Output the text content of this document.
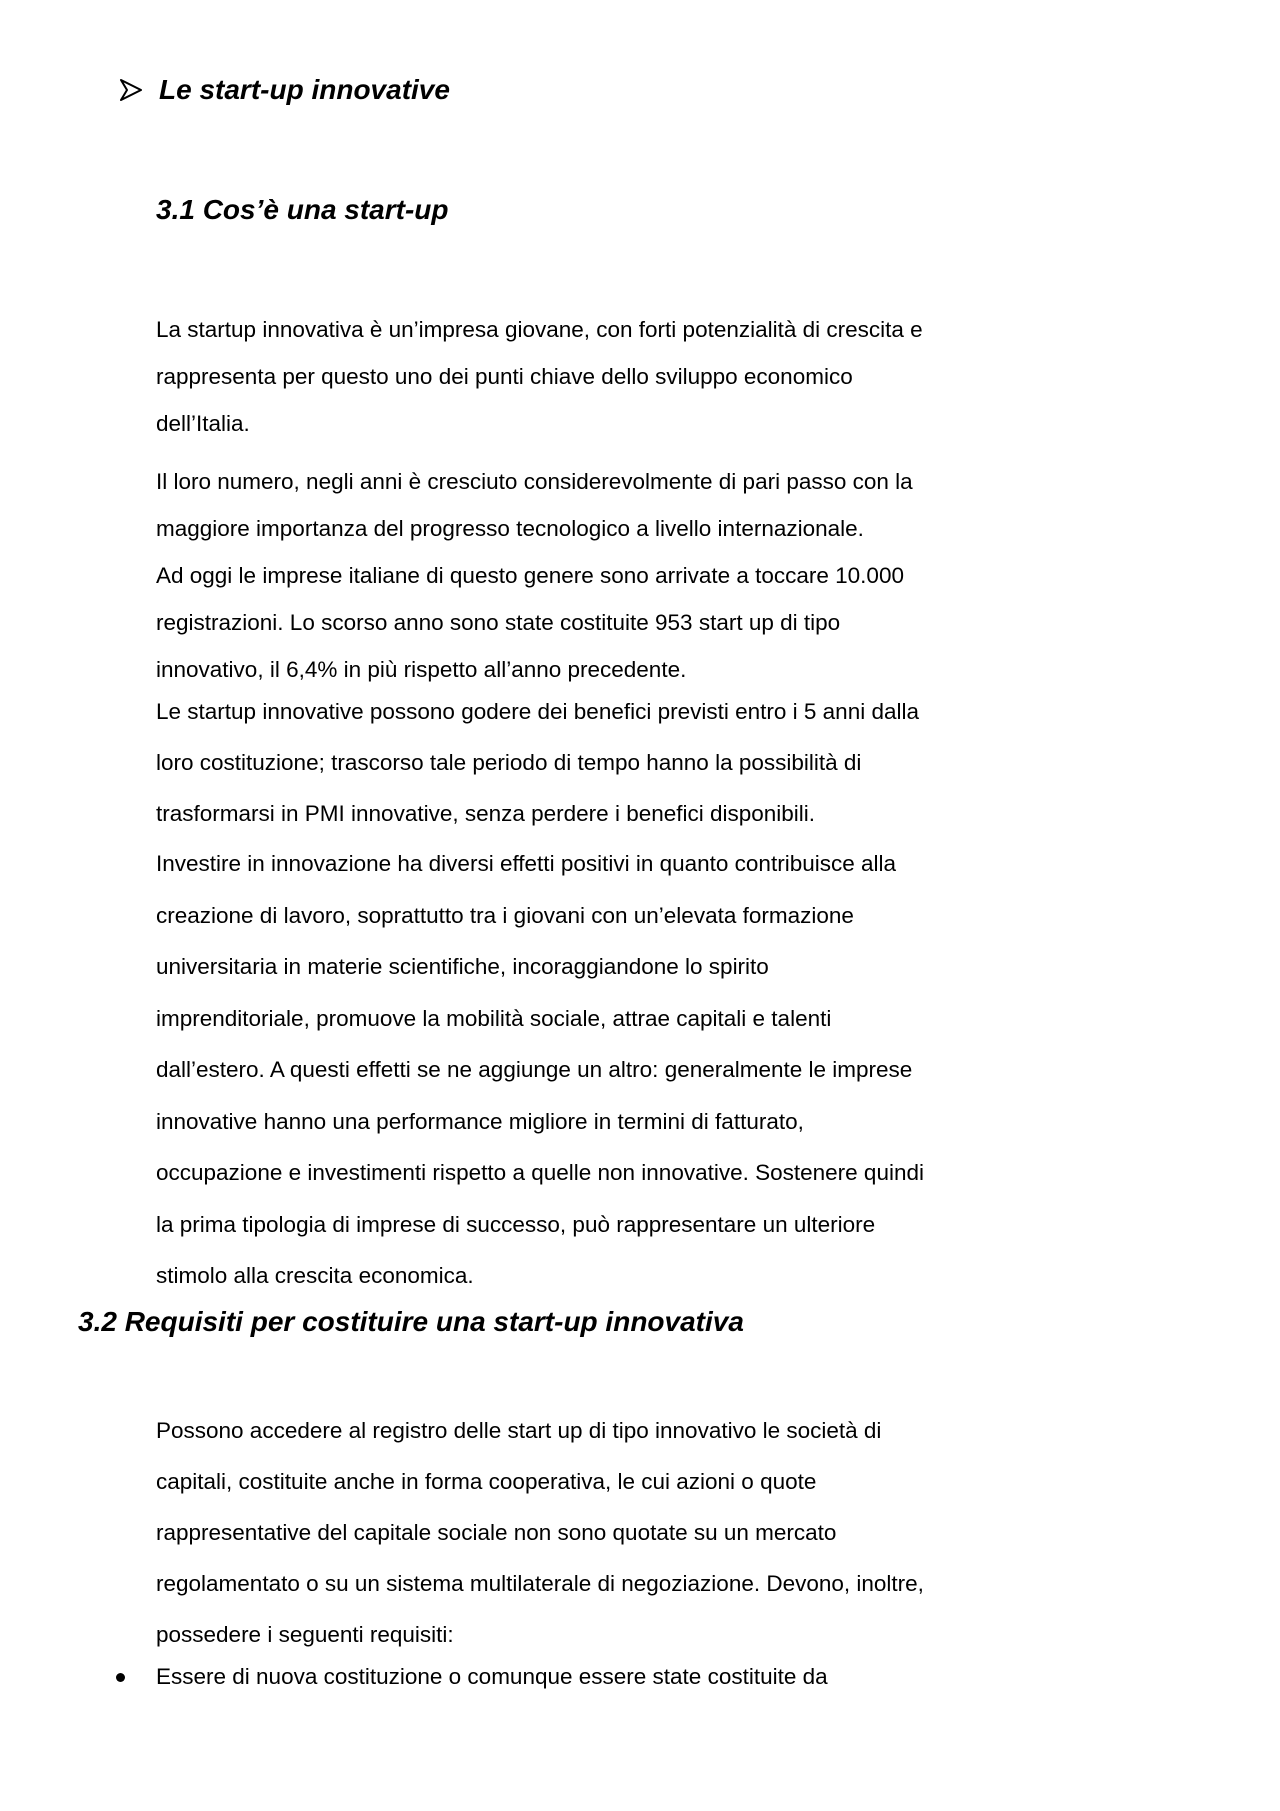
Le start-up innovative
3.1 Cos’è una start-up
La startup innovativa è un’impresa giovane, con forti potenzialità di crescita e
rappresenta per questo uno dei punti chiave dello sviluppo economico
dell’Italia.
Il loro numero, negli anni è cresciuto considerevolmente di pari passo con la
maggiore importanza del progresso tecnologico a livello internazionale.
Ad oggi le imprese italiane di questo genere sono arrivate a toccare 10.000
registrazioni. Lo scorso anno sono state costituite 953 start up di tipo
innovativo, il 6,4% in più rispetto all’anno precedente.
Le startup innovative possono godere dei benefici previsti entro i 5 anni dalla
loro costituzione; trascorso tale periodo di tempo hanno la possibilità di
trasformarsi in PMI innovative, senza perdere i benefici disponibili.
Investire in innovazione ha diversi effetti positivi in quanto contribuisce alla
creazione di lavoro, soprattutto tra i giovani con un’elevata formazione
universitaria in materie scientifiche, incoraggiandone lo spirito
imprenditoriale, promuove la mobilità sociale, attrae capitali e talenti
dall’estero. A questi effetti se ne aggiunge un altro: generalmente le imprese
innovative hanno una performance migliore in termini di fatturato,
occupazione e investimenti rispetto a quelle non innovative. Sostenere quindi
la prima tipologia di imprese di successo, può rappresentare un ulteriore
stimolo alla crescita economica.
3.2 Requisiti per costituire una start-up innovativa
Possono accedere al registro delle start up di tipo innovativo le società di
capitali, costituite anche in forma cooperativa, le cui azioni o quote
rappresentative del capitale sociale non sono quotate su un mercato
regolamentato o su un sistema multilaterale di negoziazione. Devono, inoltre,
possedere i seguenti requisiti:
Essere di nuova costituzione o comunque essere state costituite da
